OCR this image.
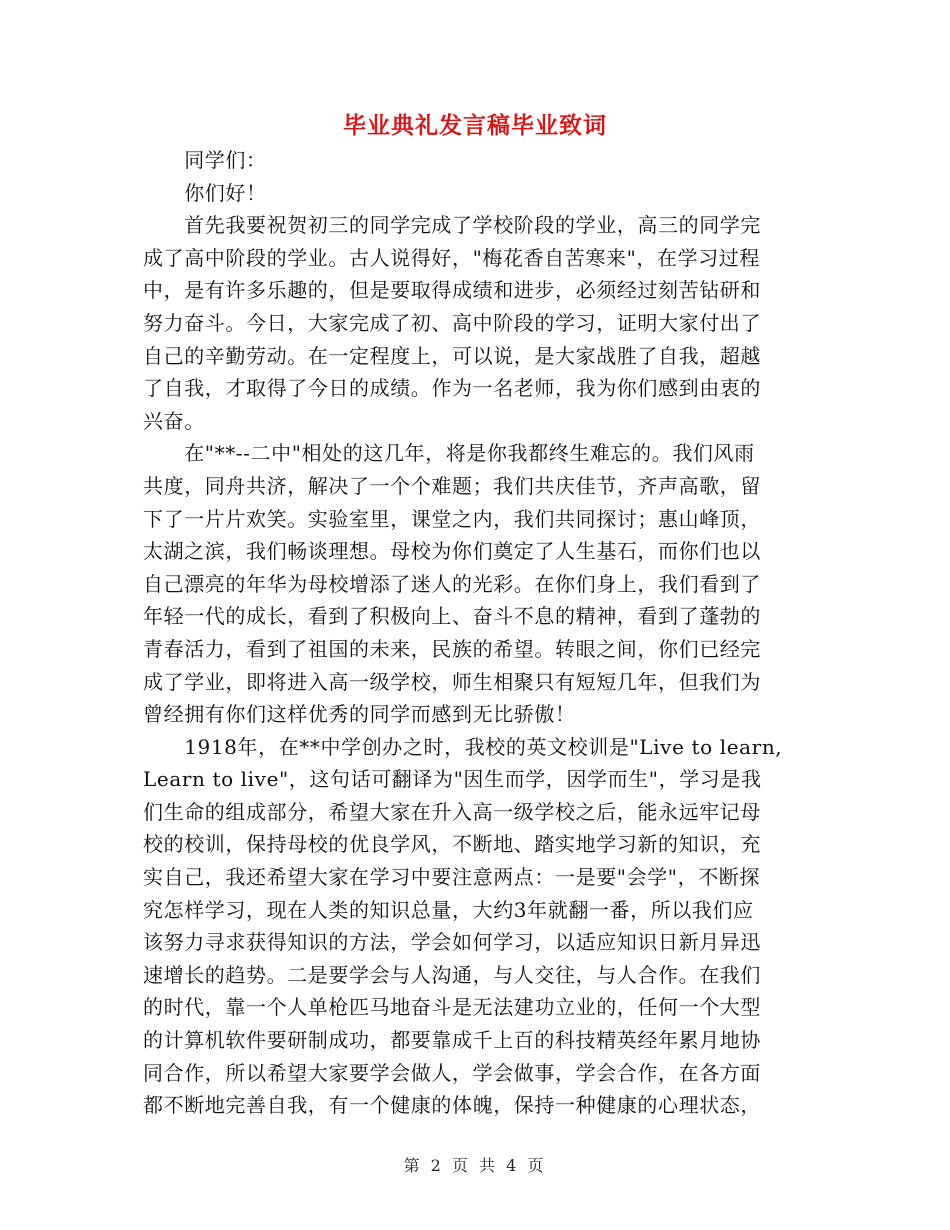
毕业典礼发言稿毕业致词
　　同学们：
　　你们好！
　　首先我要祝贺初三的同学完成了学校阶段的学业，高三的同学完
成了高中阶段的学业。古人说得好，"梅花香自苦寒来"，在学习过程
中，是有许多乐趣的，但是要取得成绩和进步，必须经过刻苦钻研和
努力奋斗。今日，大家完成了初、高中阶段的学习，证明大家付出了
自己的辛勤劳动。在一定程度上，可以说，是大家战胜了自我，超越
了自我，才取得了今日的成绩。作为一名老师，我为你们感到由衷的
兴奋。
　　在"**--二中"相处的这几年，将是你我都终生难忘的。我们风雨
共度，同舟共济，解决了一个个难题；我们共庆佳节，齐声高歌，留
下了一片片欢笑。实验室里，课堂之内，我们共同探讨；惠山峰顶，
太湖之滨，我们畅谈理想。母校为你们奠定了人生基石，而你们也以
自己漂亮的年华为母校增添了迷人的光彩。在你们身上，我们看到了
年轻一代的成长，看到了积极向上、奋斗不息的精神，看到了蓬勃的
青春活力，看到了祖国的未来，民族的希望。转眼之间，你们已经完
成了学业，即将进入高一级学校，师生相聚只有短短几年，但我们为
曾经拥有你们这样优秀的同学而感到无比骄傲！
　　1918年，在**中学创办之时，我校的英文校训是"Live to learn,
Learn to live"，这句话可翻译为"因生而学，因学而生"，学习是我
们生命的组成部分，希望大家在升入高一级学校之后，能永远牢记母
校的校训，保持母校的优良学风，不断地、踏实地学习新的知识，充
实自己，我还希望大家在学习中要注意两点：一是要"会学"，不断探
究怎样学习，现在人类的知识总量，大约3年就翻一番，所以我们应
该努力寻求获得知识的方法，学会如何学习，以适应知识日新月异迅
速增长的趋势。二是要学会与人沟通，与人交往，与人合作。在我们
的时代，靠一个人单枪匹马地奋斗是无法建功立业的，任何一个大型
的计算机软件要研制成功，都要靠成千上百的科技精英经年累月地协
同合作，所以希望大家要学会做人，学会做事，学会合作，在各方面
都不断地完善自我，有一个健康的体魄，保持一种健康的心理状态，
第 2 页 共 4 页
